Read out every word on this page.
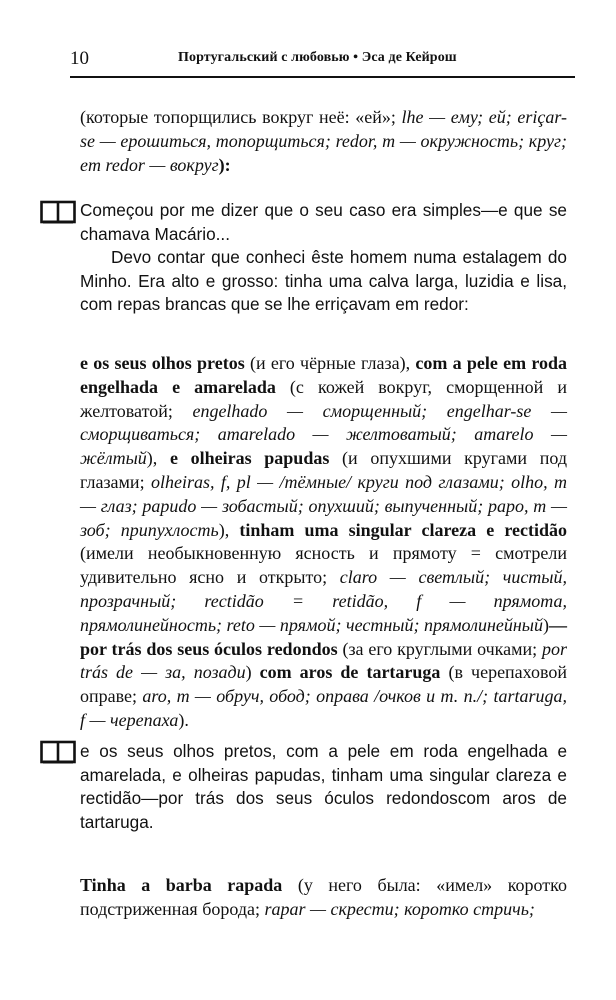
10	Португальский с любовью • Эса де Кейрош

(которые топорщились вокруг неё: «ей»; lhe — ему; ей; eriçar-se — ерошиться, топорщиться; redor, m — окружность; круг; em redor — вокруг):

Começou por me dizer que o seu caso era simples—e que se chamava Macário...

Devo contar que conheci êste homem numa estalagem do Minho. Era alto e grosso: tinha uma calva larga, luzidia e lisa, com repas brancas que se lhe erriçavam em redor:

e os seus olhos pretos (и его чёрные глаза), com a pele em roda engelhada e amarelada (с кожей вокруг, сморщенной и желтоватой; engelhado — сморщенный; engelhar-se — сморщиваться; amarelado — желтоватый; amarelo — жёлтый), e olheiras papudas (и опухшими кругами под глазами; olheiras, f, pl — /тёмные/ круги под глазами; olho, m — глаз; papudo — зобастый; опухший; выпученный; papo, m — зоб; припухлость), tinham uma singular clareza e rectidão (имели необыкновенную ясность и прямоту = смотрели удивительно ясно и открыто; claro — светлый; чистый, прозрачный; rectidão = retidão, f — прямота, прямолинейность; reto — прямой; честный; прямолинейный)—por trás dos seus óculos redondos (за его круглыми очками; por trás de — за, позади) com aros de tartaruga (в черепаховой оправе; aro, m — обруч, обод; оправа /очков и т. п./; tartaruga, f — черепаха).

e os seus olhos pretos, com a pele em roda engelhada e amarelada, e olheiras papudas, tinham uma singular clareza e rectidão—por trás dos seus óculos redondoscom aros de tartaruga.

Tinha a barba rapada (у него была: «имел» коротко подстриженная борода; rapar — скрести; коротко стричь;
